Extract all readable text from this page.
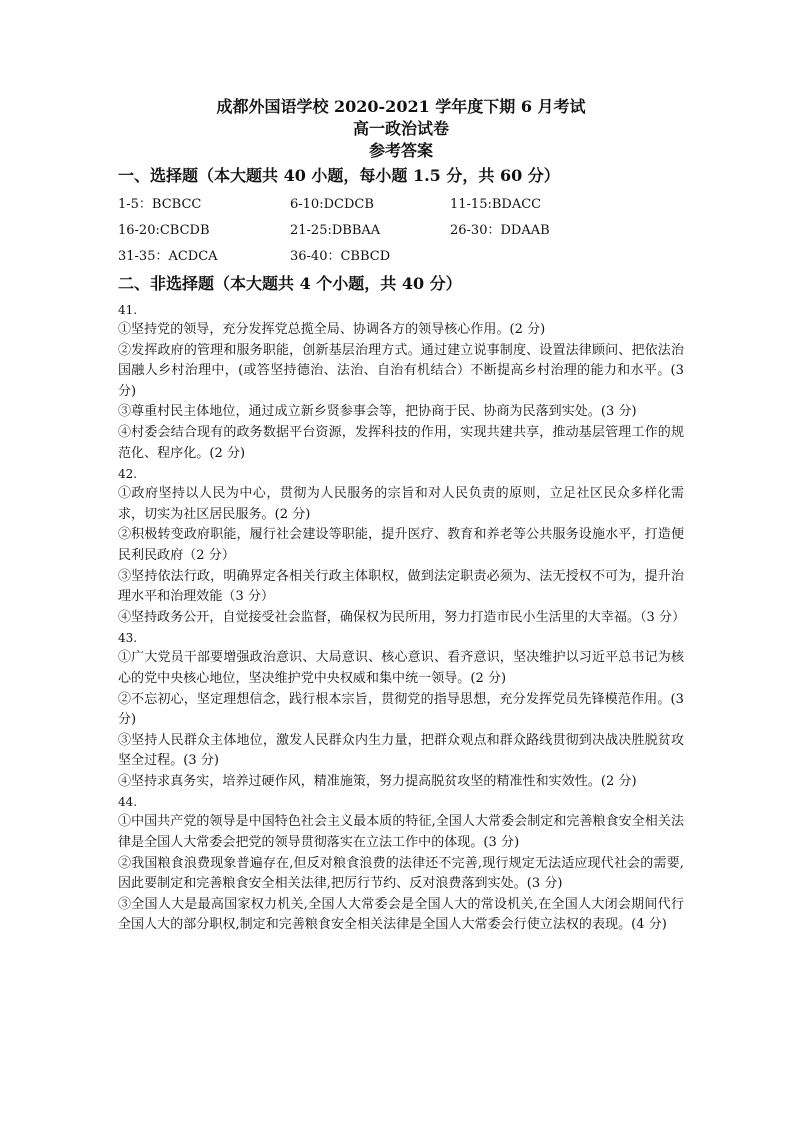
成都外国语学校 2020-2021 学年度下期 6 月考试

高一政治试卷

参考答案

一、选择题（本大题共 40 小题，每小题 1.5 分，共 60 分）

1-5：BCBCC	6-10:DCDCB	11-15:BDACC
16-20:CBCDB	21-25:DBBAA	26-30：DDAAB
31-35：ACDCA	36-40：CBBCD

二、非选择题（本大题共 4 个小题，共 40 分）

41.

①坚持党的领导，充分发挥党总揽全局、协调各方的领导核心作用。(2 分)

②发挥政府的管理和服务职能，创新基层治理方式。通过建立说事制度、设置法律顾问、把依法治国融人乡村治理中，(或答坚持德治、法治、自治有机结合）不断提高乡村治理的能力和水平。(3 分)

③尊重村民主体地位，通过成立新乡贤参事会等，把协商于民、协商为民落到实处。(3 分)

④村委会结合现有的政务数据平台资源，发挥科技的作用，实现共建共享，推动基层管理工作的规范化、程序化。(2 分)

42.

①政府坚持以人民为中心，贯彻为人民服务的宗旨和对人民负责的原则，立足社区民众多样化需求，切实为社区居民服务。(2 分)

②积极转变政府职能，履行社会建设等职能，提升医疗、教育和养老等公共服务设施水平，打造便民利民政府（2 分）

③坚持依法行政，明确界定各相关行政主体职权，做到法定职责必须为、法无授权不可为，提升治理水平和治理效能（3 分）

④坚持政务公开，自觉接受社会监督，确保权为民所用，努力打造市民小生活里的大幸福。（3 分）

43.

①广大党员干部要增强政治意识、大局意识、核心意识、看齐意识，坚决维护以习近平总书记为核心的党中央核心地位，坚决维护党中央权威和集中统一领导。(2 分)

②不忘初心，坚定理想信念，践行根本宗旨，贯彻党的指导思想，充分发挥党员先锋模范作用。(3 分)

③坚持人民群众主体地位，激发人民群众内生力量，把群众观点和群众路线贯彻到决战决胜脱贫攻坚全过程。(3 分)

④坚持求真务实，培养过硬作风，精准施策，努力提高脱贫攻坚的精准性和实效性。(2 分)

44.

①中国共产党的领导是中国特色社会主义最本质的特征,全国人大常委会制定和完善粮食安全相关法律是全国人大常委会把党的领导贯彻落实在立法工作中的体现。(3 分)

②我国粮食浪费现象普遍存在,但反对粮食浪费的法律还不完善,现行规定无法适应现代社会的需要,因此要制定和完善粮食安全相关法律,把厉行节约、反对浪费落到实处。(3 分)

③全国人大是最高国家权力机关,全国人大常委会是全国人大的常设机关,在全国人大闭会期间代行全国人大的部分职权,制定和完善粮食安全相关法律是全国人大常委会行使立法权的表现。(4 分)
